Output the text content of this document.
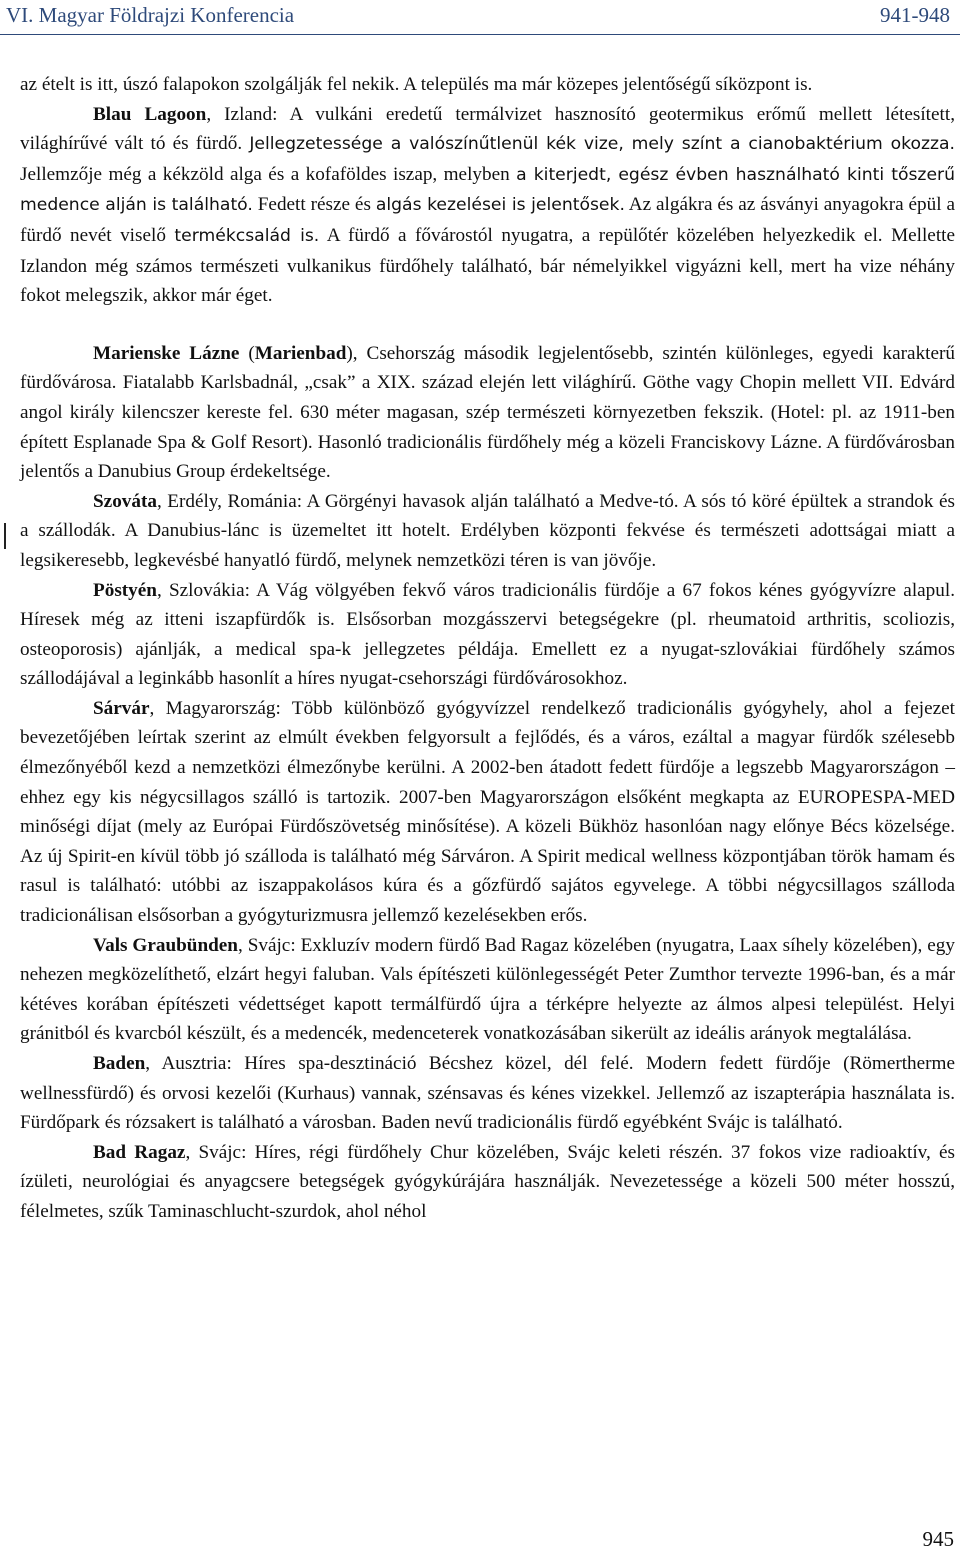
VI. Magyar Földrajzi Konferencia	941-948

az ételt is itt, úszó falapokon szolgálják fel nekik. A település ma már közepes jelentőségű síközpont is.

Blau Lagoon, Izland: A vulkáni eredetű termálvizet hasznosító geotermikus erőmű mellett létesített, világhírűvé vált tó és fürdő. Jellegzetessége a valószínűtlenül kék vize, mely színt a cianobaktérium okozza. Jellemzője még a kékzöld alga és a kofaföldes iszap, melyben a kiterjedt, egész évben használható kinti tőszerű medence alján is található. Fedett része és algás kezelései is jelentősek. Az algákra és az ásványi anyagokra épül a fürdő nevét viselő termékcsalád is. A fürdő a fővárostól nyugatra, a repülőtér közelében helyezkedik el. Mellette Izlandon még számos természeti vulkanikus fürdőhely található, bár némelyikkel vigyázni kell, mert ha vize néhány fokot melegszik, akkor már éget.

Marienske Lázne (Marienbad), Csehország második legjelentősebb, szintén különleges, egyedi karakterű fürdővárosa. Fiatalabb Karlsbadnál, „csak” a XIX. század elején lett világhírű. Göthe vagy Chopin mellett VII. Edvárd angol király kilencszer kereste fel. 630 méter magasan, szép természeti környezetben fekszik. (Hotel: pl. az 1911-ben épített Esplanade Spa & Golf Resort). Hasonló tradicionális fürdőhely még a közeli Franciskovy Lázne. A fürdővárosban jelentős a Danubius Group érdekeltsége.

Szováta, Erdély, Románia: A Görgényi havasok alján található a Medve-tó. A sós tó köré épültek a strandok és a szállodák. A Danubius-lánc is üzemeltet itt hotelt. Erdélyben központi fekvése és természeti adottságai miatt a legsikeresebb, legkevésbé hanyatló fürdő, melynek nemzetközi téren is van jövője.

Pöstyén, Szlovákia: A Vág völgyében fekvő város tradicionális fürdője a 67 fokos kénes gyógyvízre alapul. Híresek még az itteni iszapfürdők is. Elsősorban mozgásszervi betegségekre (pl. rheumatoid arthritis, scoliozis, osteoporosis) ajánlják, a medical spa-k jellegzetes példája. Emellett ez a nyugat-szlovákiai fürdőhely számos szállodájával a leginkább hasonlít a híres nyugat-csehországi fürdővárosokhoz.

Sárvár, Magyarország: Több különböző gyógyvízzel rendelkező tradicionális gyógyhely, ahol a fejezet bevezetőjében leírtak szerint az elmúlt években felgyorsult a fejlődés, és a város, ezáltal a magyar fürdők szélesebb élmezőnyéből kezd a nemzetközi élmezőnybe kerülni. A 2002-ben átadott fedett fürdője a legszebb Magyarországon – ehhez egy kis négycsillagos szálló is tartozik. 2007-ben Magyarországon elsőként megkapta az EUROPESPA-MED minőségi díjat (mely az Európai Fürdőszövetség minősítése). A közeli Bükhöz hasonlóan nagy előnye Bécs közelsége. Az új Spirit-en kívül több jó szálloda is található még Sárváron. A Spirit medical wellness központjában török hamam és rasul is található: utóbbi az iszappakolásos kúra és a gőzfürdő sajátos egyvelege. A többi négycsillagos szálloda tradicionálisan elsősorban a gyógyturizmusra jellemző kezelésekben erős.

Vals Graubünden, Svájc: Exkluzív modern fürdő Bad Ragaz közelében (nyugatra, Laax síhely közelében), egy nehezen megközelíthető, elzárt hegyi faluban. Vals építészeti különlegességét Peter Zumthor tervezte 1996-ban, és a már kétéves korában építészeti védettséget kapott termálfürdő újra a térképre helyezte az álmos alpesi települést. Helyi gránitból és kvarcból készült, és a medencék, medenceterek vonatkozásában sikerült az ideális arányok megtalálása.

Baden, Ausztria: Híres spa-desztináció Bécshez közel, dél felé. Modern fedett fürdője (Römertherme wellnessfürdő) és orvosi kezelői (Kurhaus) vannak, szénsavas és kénes vizekkel. Jellemző az iszapterápia használata is. Fürdőpark és rózsakert is található a városban. Baden nevű tradicionális fürdő egyébként Svájc is található.

Bad Ragaz, Svájc: Híres, régi fürdőhely Chur közelében, Svájc keleti részén. 37 fokos vize radioaktív, és ízületi, neurológiai és anyagcsere betegségek gyógykúrájára használják. Nevezetessége a közeli 500 méter hosszú, félelmetes, szűk Taminaschlucht-szurdok, ahol néhol

945
